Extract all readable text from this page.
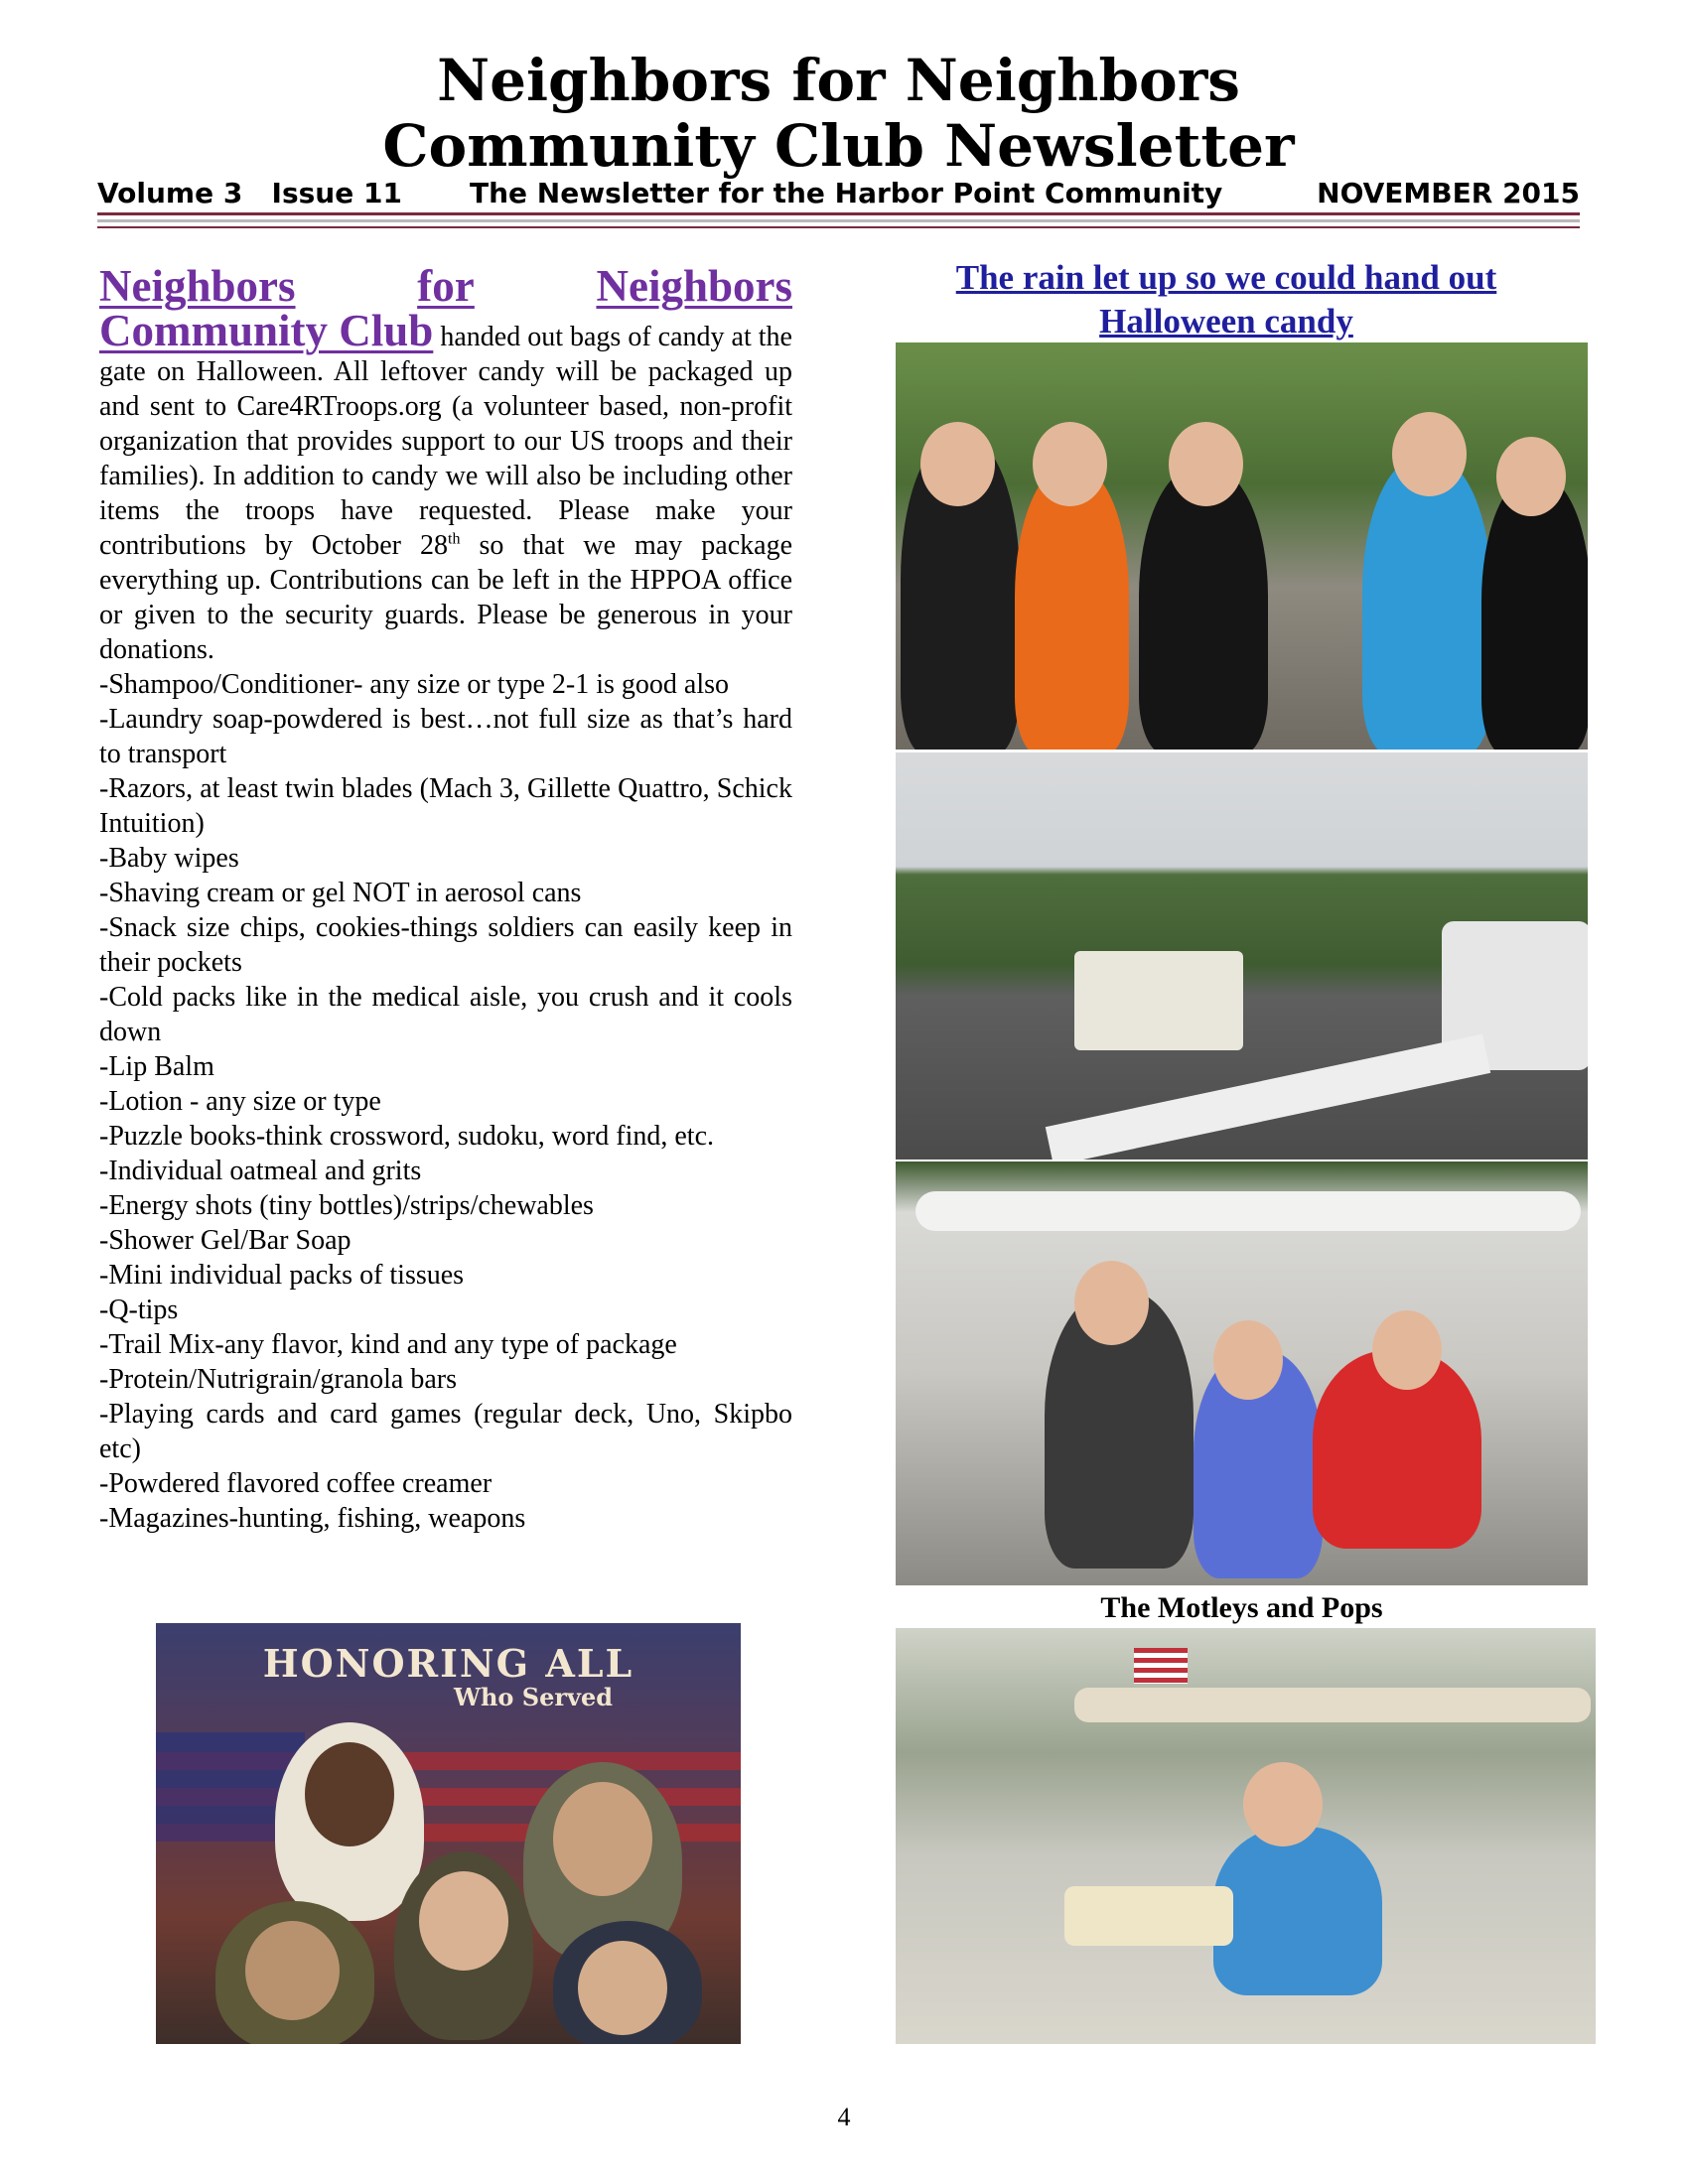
Neighbors for Neighbors
Community Club Newsletter
Volume 3   Issue 11 The Newsletter for the Harbor Point Community	NOVEMBER 2015
Neighbors	for	Neighbors

Community Club handed out bags of candy at the gate on Halloween. All leftover candy will be packaged up and sent to Care4RTroops.org (a volunteer based, non-profit organization that provides support to our US troops and their families). In addition to candy we will also be including other items the troops have requested. Please make your contributions by October 28th so that we may package everything up. Contributions can be left in the HPPOA office or given to the security guards. Please be generous in your donations.

-Shampoo/Conditioner- any size or type 2-1 is good also
-Laundry soap-powdered is best…not full size as that’s hard to transport
-Razors, at least twin blades (Mach 3, Gillette Quattro, Schick Intuition)
-Baby wipes
-Shaving cream or gel NOT in aerosol cans
-Snack size chips, cookies-things soldiers can easily keep in their pockets
-Cold packs like in the medical aisle, you crush and it cools down
-Lip Balm
-Lotion - any size or type
-Puzzle books-think crossword, sudoku, word find, etc.
-Individual oatmeal and grits
-Energy shots (tiny bottles)/strips/chewables
-Shower Gel/Bar Soap
-Mini individual packs of tissues
-Q-tips
-Trail Mix-any flavor, kind and any type of package
-Protein/Nutrigrain/granola bars
-Playing cards and card games (regular deck, Uno, Skipbo etc)
-Powdered flavored coffee creamer
-Magazines-hunting, fishing, weapons
HONORING ALL
Who Served
The rain let up so we could hand out Halloween candy
The Motleys and Pops
4
